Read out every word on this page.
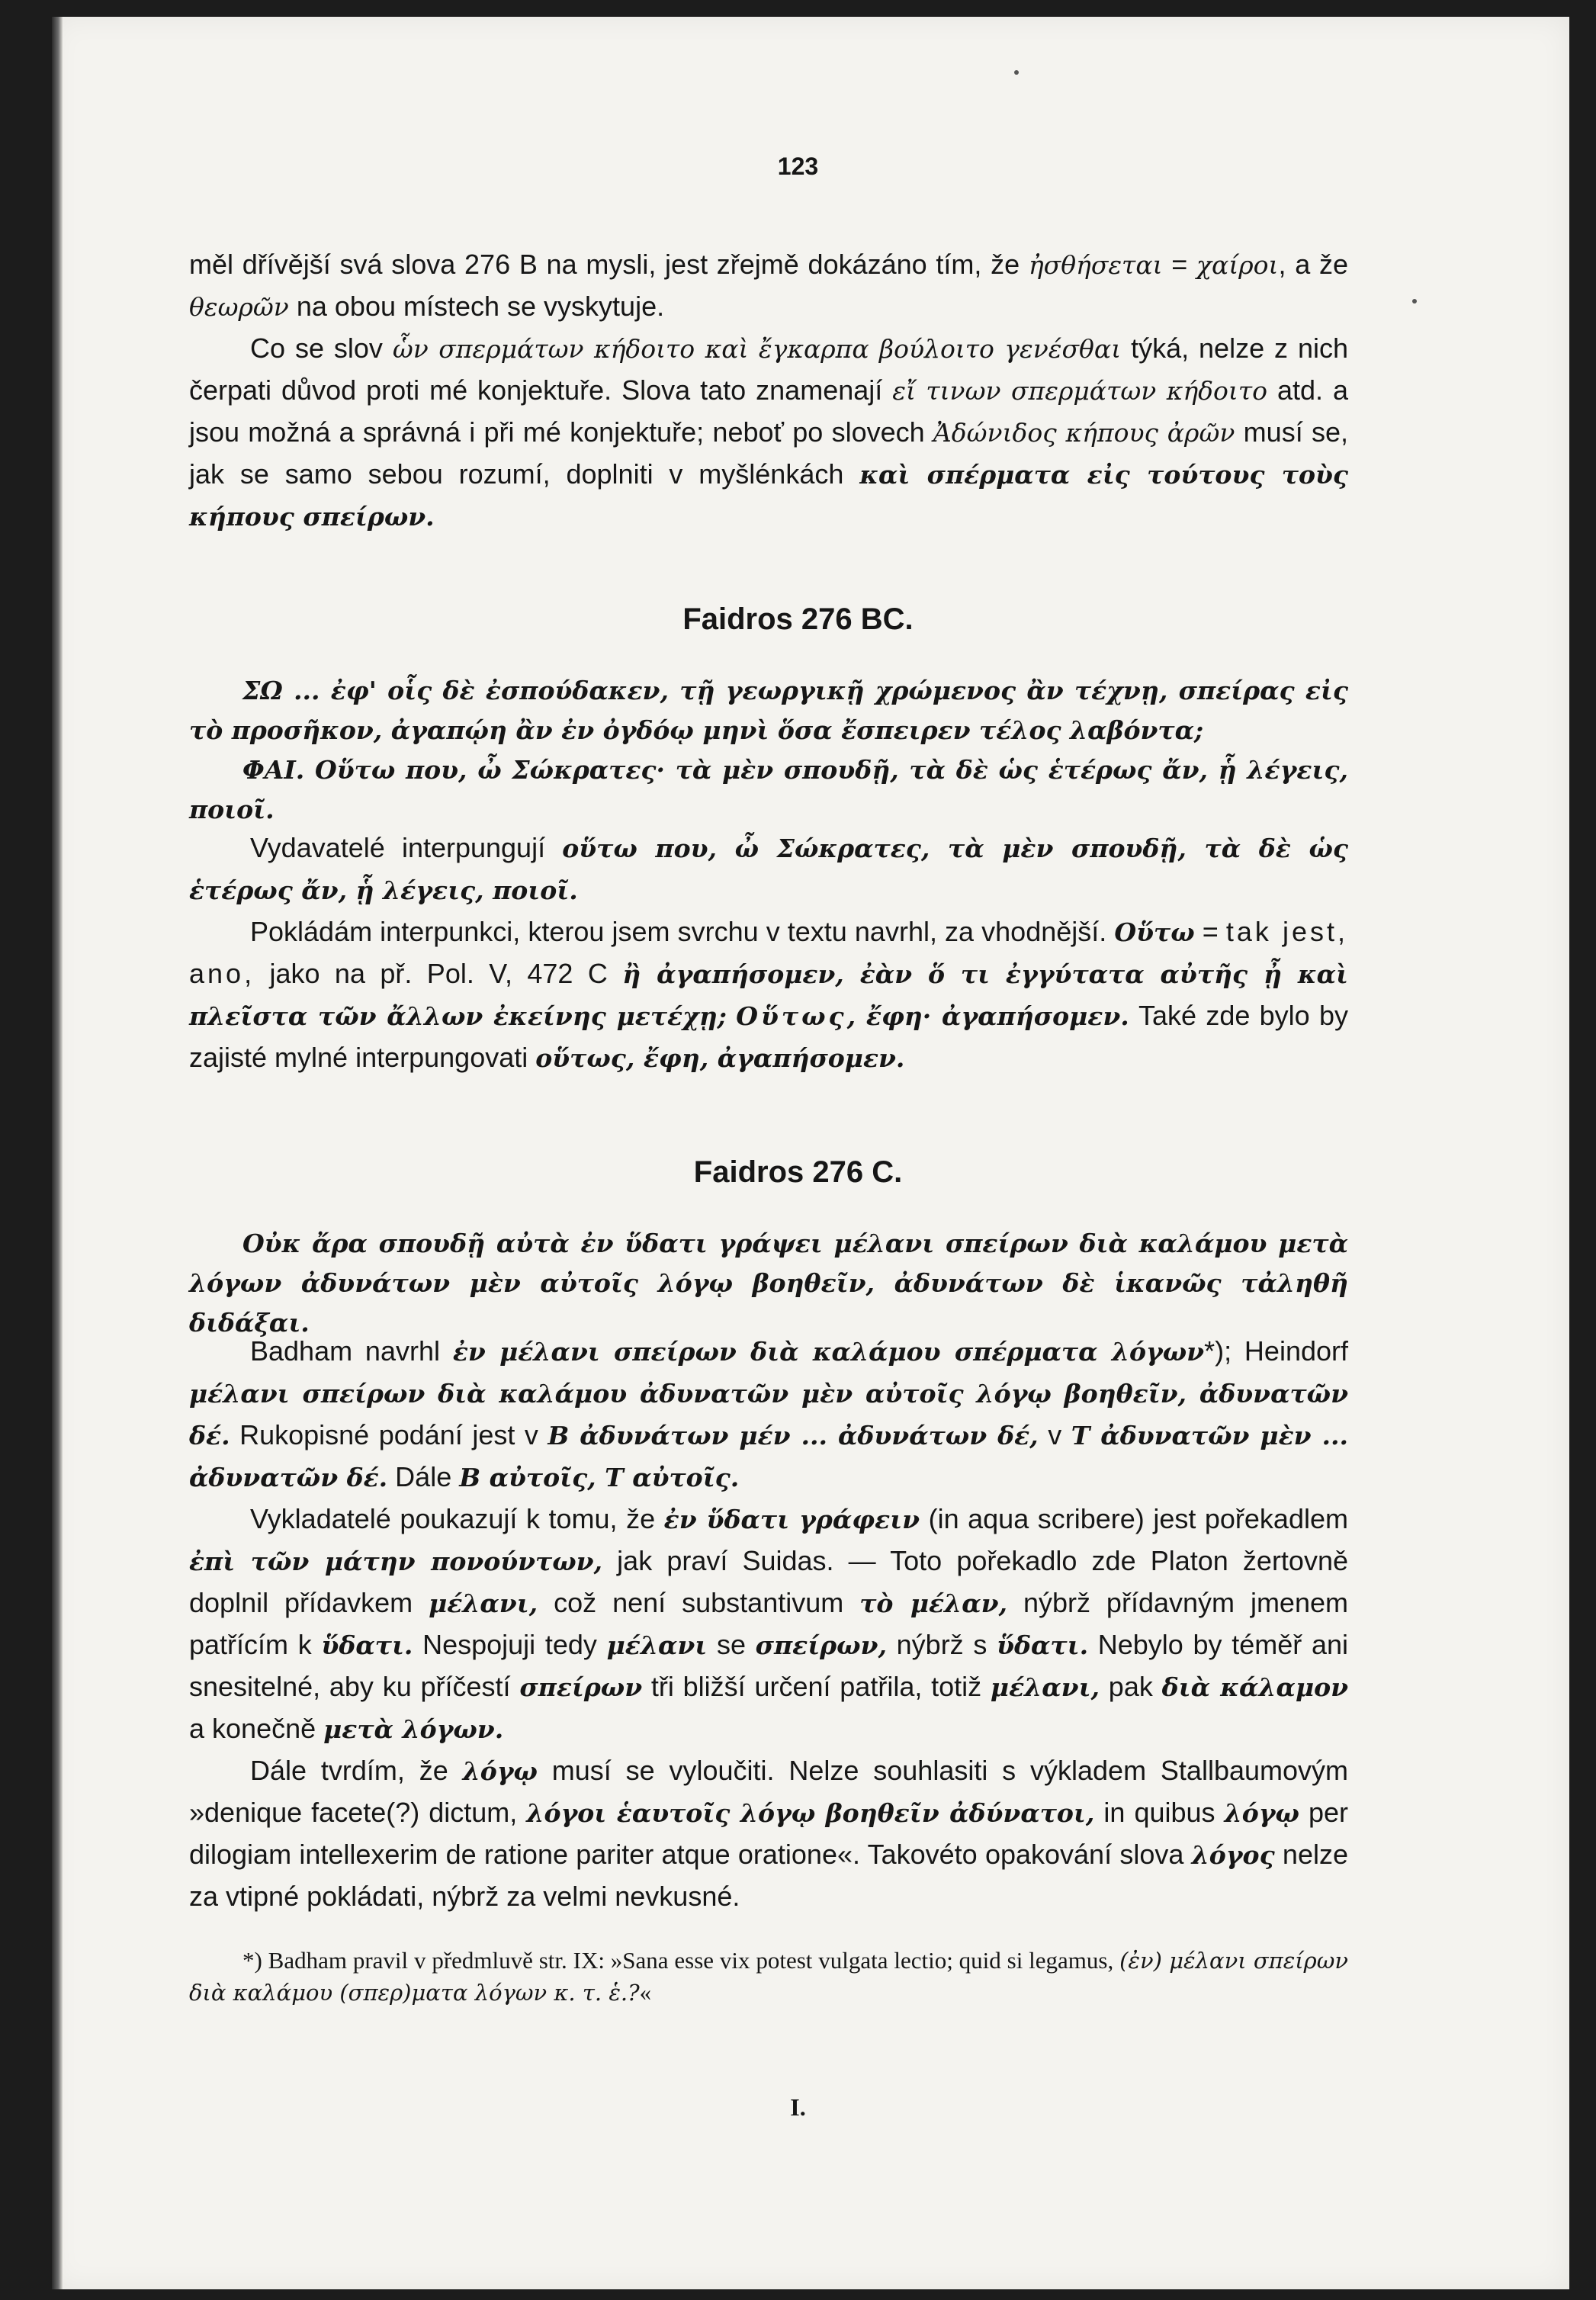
123

měl dřívější svá slova 276 B na mysli, jest zřejmě dokázáno tím, že ἠσθήσεται = χαίροι, a že θεωρῶν na obou místech se vyskytuje.

Co se slov ὧν σπερμάτων κήδοιτο καὶ ἔγκαρπα βούλοιτο γενέσθαι týká, nelze z nich čerpati důvod proti mé konjektuře. Slova tato znamenají εἴ τινων σπερμάτων κήδοιτο atd. a jsou možná a správná i při mé konjektuře; neboť po slovech Ἀδώνιδος κήπους ἀρῶν musí se, jak se samo sebou rozumí, doplniti v myšlénkách καὶ σπέρματα εἰς τούτους τοὺς κήπους σπείρων.

Faidros 276 BC.

ΣΩ ... ἐφ' οἷς δὲ ἐσπούδακεν, τῇ γεωργικῇ χρώμενος ἂν τέχνῃ, σπείρας εἰς τὸ προσῆκον, ἀγαπῴη ἂν ἐν ὀγδόῳ μηνὶ ὅσα ἔσπειρεν τέλος λαβόντα;

ΦΑΙ. Οὕτω που, ὦ Σώκρατες· τὰ μὲν σπουδῇ, τὰ δὲ ὡς ἑτέρως ἄν, ᾗ λέγεις, ποιοῖ.

Vydavatelé interpungují οὕτω που, ὦ Σώκρατες, τὰ μὲν σπουδῇ, τὰ δὲ ὡς ἑτέρως ἄν, ᾗ λέγεις, ποιοῖ.

Pokládám interpunkci, kterou jsem svrchu v textu navrhl, za vhodnější. Οὕτω = tak jest, ano, jako na př. Pol. V, 472 C ἢ ἀγαπήσομεν, ἐὰν ὅ τι ἐγγύτατα αὐτῆς ᾖ καὶ πλεῖστα τῶν ἄλλων ἐκείνης μετέχῃ; Οὕτως, ἔφη· ἀγαπήσομεν. Také zde bylo by zajisté mylné interpungovati οὕτως, ἔφη, ἀγαπήσομεν.

Faidros 276 C.

Οὐκ ἄρα σπουδῇ αὐτὰ ἐν ὕδατι γράψει μέλανι σπείρων διὰ καλάμου μετὰ λόγων ἀδυνάτων μὲν αὐτοῖς λόγῳ βοηθεῖν, ἀδυνάτων δὲ ἱκανῶς τἀληθῆ διδάξαι.

Badham navrhl ἐν μέλανι σπείρων διὰ καλάμου σπέρματα λόγων*); Heindorf μέλανι σπείρων διὰ καλάμου ἀδυνατῶν μὲν αὐτοῖς λόγῳ βοηθεῖν, ἀδυνατῶν δέ. Rukopisné podání jest v B ἀδυνάτων μέν ... ἀδυνάτων δέ, v T ἀδυνατῶν μὲν ... ἀδυνατῶν δέ. Dále B αὐτοῖς, T αὐτοῖς.

Vykladatelé poukazují k tomu, že ἐν ὕδατι γράφειν (in aqua scribere) jest pořekadlem ἐπὶ τῶν μάτην πονούντων, jak praví Suidas. — Toto pořekadlo zde Platon žertovně doplnil přídavkem μέλανι, což není substantivum τὸ μέλαν, nýbrž přídavným jmenem patřícím k ὕδατι. Nespojuji tedy μέλανι se σπείρων, nýbrž s ὕδατι. Nebylo by téměř ani snesitelné, aby ku příčestí σπείρων tři bližší určení patřila, totiž μέλανι, pak διὰ κάλαμον a konečně μετὰ λόγων.

Dále tvrdím, že λόγῳ musí se vyloučiti. Nelze souhlasiti s výkladem Stallbaumovým »denique facete(?) dictum, λόγοι ἑαυτοῖς λόγῳ βοηθεῖν ἀδύνατοι, in quibus λόγῳ per dilogiam intellexerim de ratione pariter atque oratione«. Takovéto opakování slova λόγος nelze za vtipné pokládati, nýbrž za velmi nevkusné.

*) Badham pravil v předmluvě str. IX: »Sana esse vix potest vulgata lectio; quid si legamus, (ἐν) μέλανι σπείρων διὰ καλάμου (σπερ)ματα λόγων κ. τ. ἑ.?«

I.
